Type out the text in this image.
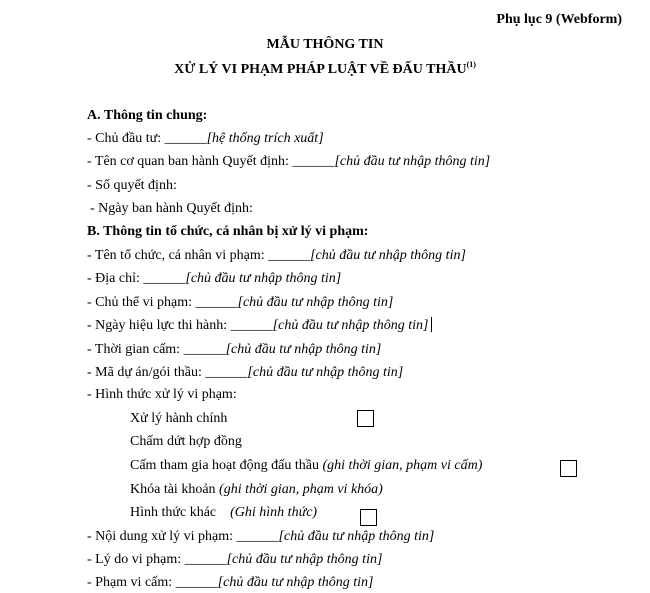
Phụ lục 9 (Webform)
MẪU THÔNG TIN
XỬ LÝ VI PHẠM PHÁP LUẬT VỀ ĐẤU THẦU$^{(1)}$
A. Thông tin chung:
- Chủ đầu tư: ______[hệ thống trích xuất]
- Tên cơ quan ban hành Quyết định: ______[chủ đầu tư nhập thông tin]
- Số quyết định:
- Ngày ban hành Quyết định:
B. Thông tin tổ chức, cá nhân bị xử lý vi phạm:
- Tên tổ chức, cá nhân vi phạm: ______[chủ đầu tư nhập thông tin]
- Địa chỉ: ______[chủ đầu tư nhập thông tin]
- Chủ thể vi phạm: ______[chủ đầu tư nhập thông tin]
- Ngày hiệu lực thi hành: ______[chủ đầu tư nhập thông tin]
- Thời gian cấm: ______[chủ đầu tư nhập thông tin]
- Mã dự án/gói thầu: ______[chủ đầu tư nhập thông tin]
- Hình thức xử lý vi phạm:
Xử lý hành chính
Chấm dứt hợp đồng
Cấm tham gia hoạt động đấu thầu (ghi thời gian, phạm vi cấm)
Khóa tài khoản (ghi thời gian, phạm vi khóa)
Hình thức khác (Ghi hình thức)
- Nội dung xử lý vi phạm: ______[chủ đầu tư nhập thông tin]
- Lý do vi phạm: ______[chủ đầu tư nhập thông tin]
- Phạm vi cấm: ______[chủ đầu tư nhập thông tin]
